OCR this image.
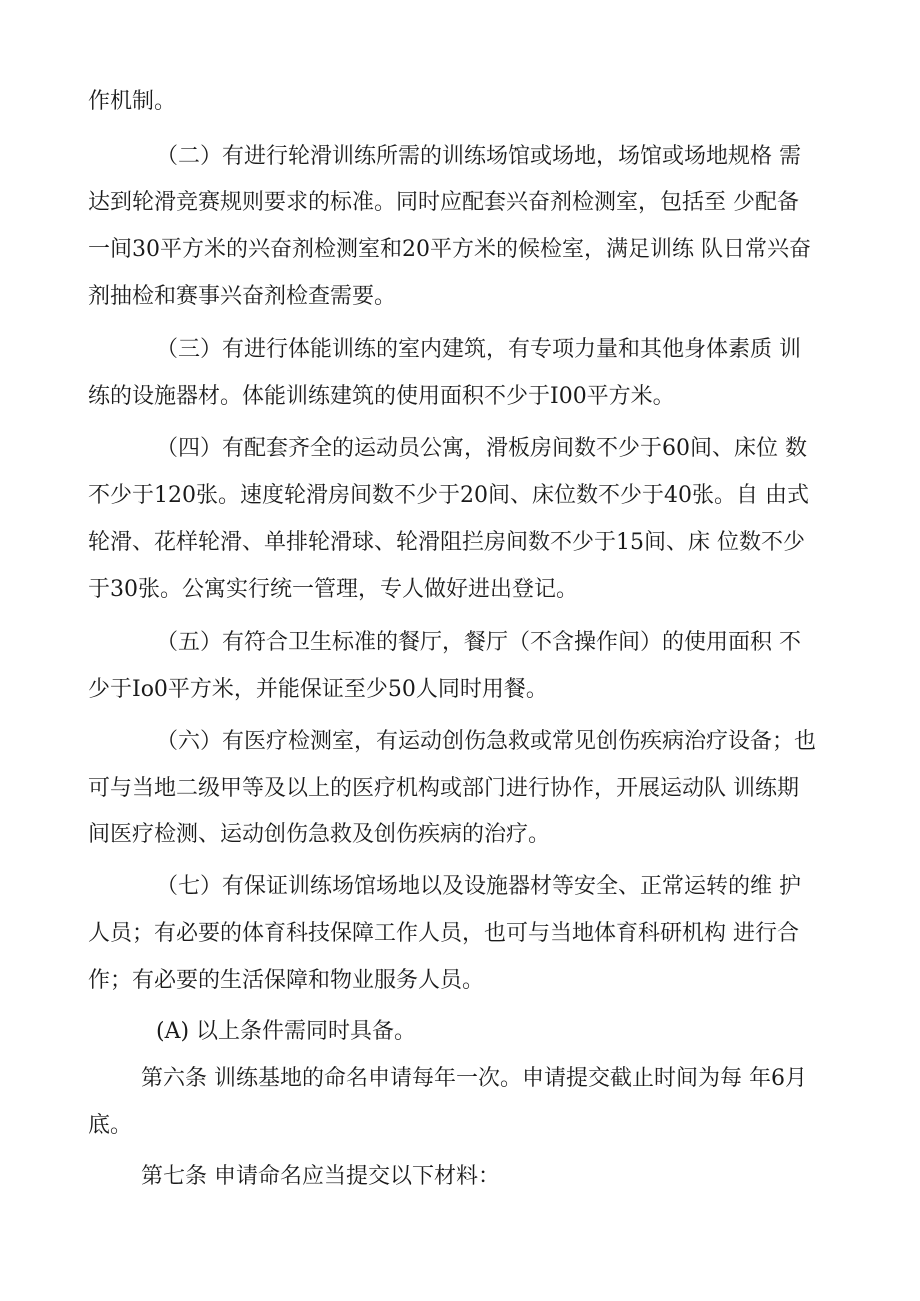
作机制。

（二）有进行轮滑训练所需的训练场馆或场地，场馆或场地规格 需

达到轮滑竞赛规则要求的标准。同时应配套兴奋剂检测室，包括至 少配备

一间30平方米的兴奋剂检测室和20平方米的候检室，满足训练 队日常兴奋

剂抽检和赛事兴奋剂检查需要。

（三）有进行体能训练的室内建筑，有专项力量和其他身体素质 训

练的设施器材。体能训练建筑的使用面积不少于I00平方米。

（四）有配套齐全的运动员公寓，滑板房间数不少于60间、床位 数

不少于120张。速度轮滑房间数不少于20间、床位数不少于40张。自 由式

轮滑、花样轮滑、单排轮滑球、轮滑阻拦房间数不少于15间、床 位数不少

于30张。公寓实行统一管理，专人做好进出登记。

（五）有符合卫生标准的餐厅，餐厅（不含操作间）的使用面积 不

少于Io0平方米，并能保证至少50人同时用餐。

（六）有医疗检测室，有运动创伤急救或常见创伤疾病治疗设备；也

可与当地二级甲等及以上的医疗机构或部门进行协作，开展运动队 训练期

间医疗检测、运动创伤急救及创伤疾病的治疗。

（七）有保证训练场馆场地以及设施器材等安全、正常运转的维 护

人员；有必要的体育科技保障工作人员，也可与当地体育科研机构 进行合

作；有必要的生活保障和物业服务人员。

(A) 以上条件需同时具备。

第六条 训练基地的命名申请每年一次。申请提交截止时间为每 年6月

底。

第七条 申请命名应当提交以下材料：
